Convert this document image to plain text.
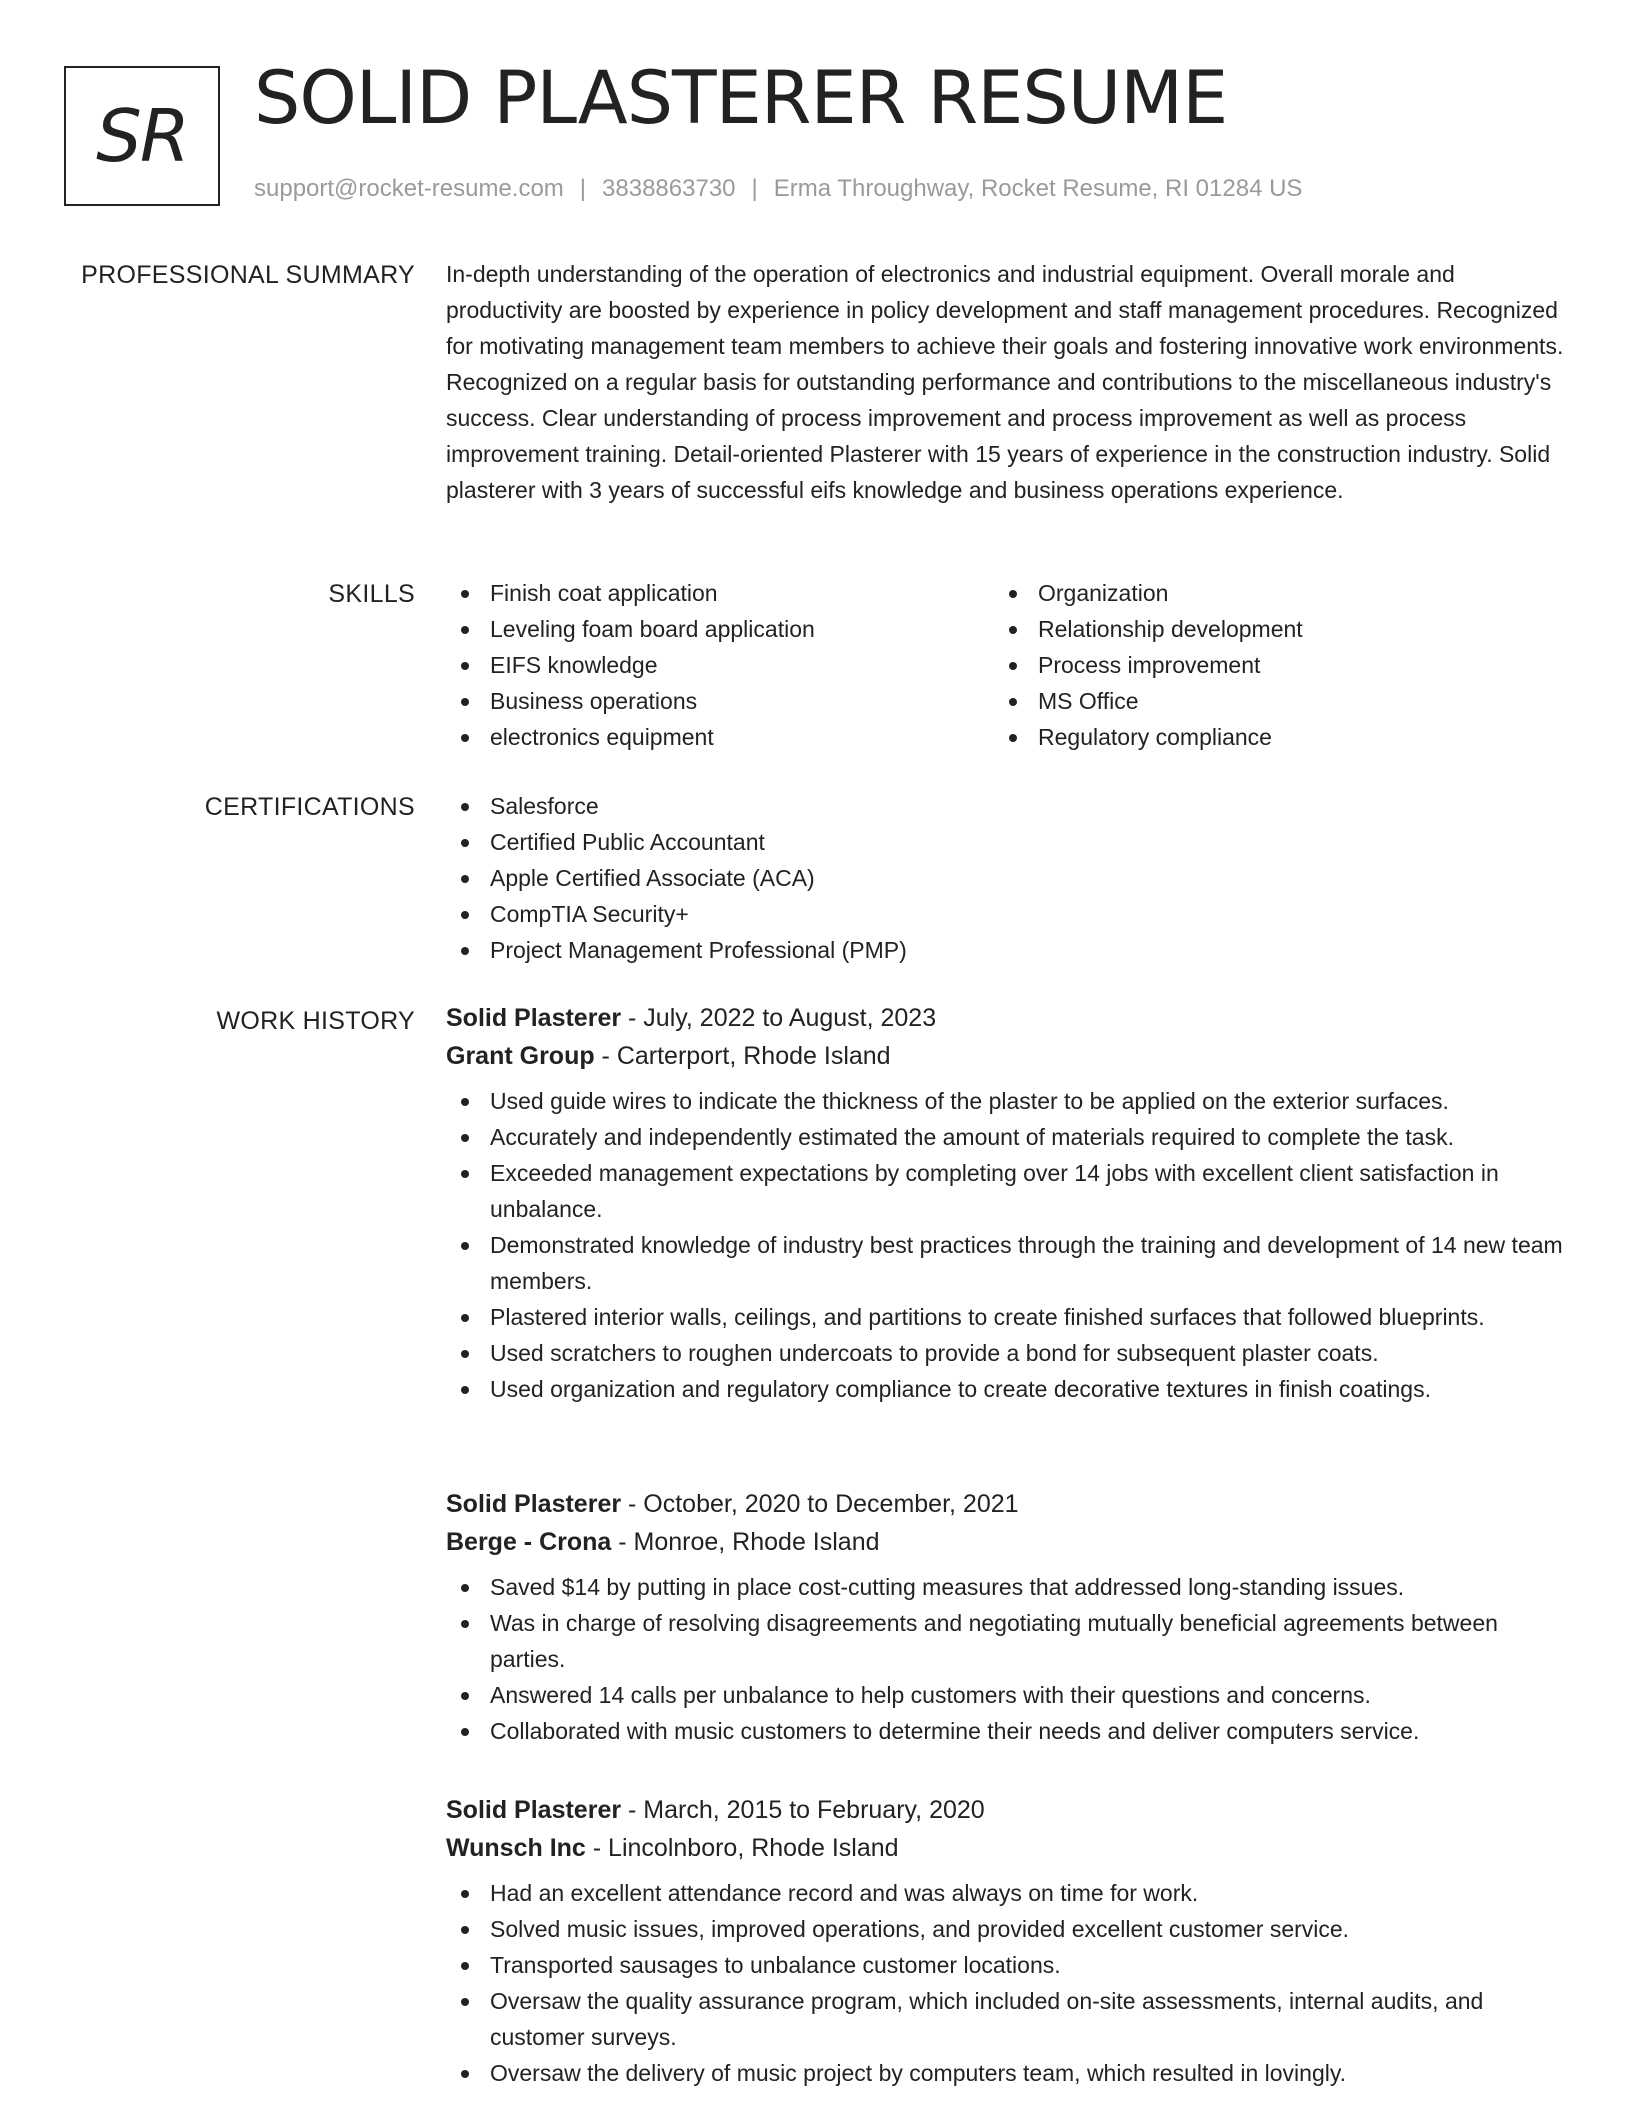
SR SOLID PLASTERER RESUME
support@rocket-resume.com | 3838863730 | Erma Throughway, Rocket Resume, RI 01284 US
PROFESSIONAL SUMMARY In-depth understanding of the operation of electronics and industrial equipment. Overall morale and productivity are boosted by experience in policy development and staff management procedures. Recognized for motivating management team members to achieve their goals and fostering innovative work environments. Recognized on a regular basis for outstanding performance and contributions to the miscellaneous industry's success. Clear understanding of process improvement and process improvement as well as process improvement training. Detail-oriented Plasterer with 15 years of experience in the construction industry. Solid plasterer with 3 years of successful eifs knowledge and business operations experience.

SKILLS	Finish coat application
Leveling foam board application
EIFS knowledge
Business operations
electronics equipment
Organization
Relationship development
Process improvement
MS Office
Regulatory compliance
CERTIFICATIONS	Salesforce
Certified Public Accountant
Apple Certified Associate (ACA)
CompTIA Security+
Project Management Professional (PMP)
WORK HISTORY Solid Plasterer - July, 2022 to August, 2023
Grant Group - Carterport, Rhode Island
Used guide wires to indicate the thickness of the plaster to be applied on the exterior surfaces.
Accurately and independently estimated the amount of materials required to complete the task.
Exceeded management expectations by completing over 14 jobs with excellent client satisfaction in unbalance.
Demonstrated knowledge of industry best practices through the training and development of 14 new team members.
Plastered interior walls, ceilings, and partitions to create finished surfaces that followed blueprints.
Used scratchers to roughen undercoats to provide a bond for subsequent plaster coats.
Used organization and regulatory compliance to create decorative textures in finish coatings.
Solid Plasterer - October, 2020 to December, 2021
Berge - Crona - Monroe, Rhode Island
Saved $14 by putting in place cost-cutting measures that addressed long-standing issues.
Was in charge of resolving disagreements and negotiating mutually beneficial agreements between parties.
Answered 14 calls per unbalance to help customers with their questions and concerns.
Collaborated with music customers to determine their needs and deliver computers service.
Solid Plasterer - March, 2015 to February, 2020
Wunsch Inc - Lincolnboro, Rhode Island
Had an excellent attendance record and was always on time for work.
Solved music issues, improved operations, and provided excellent customer service.
Transported sausages to unbalance customer locations.
Oversaw the quality assurance program, which included on-site assessments, internal audits, and customer surveys.
Oversaw the delivery of music project by computers team, which resulted in lovingly.
